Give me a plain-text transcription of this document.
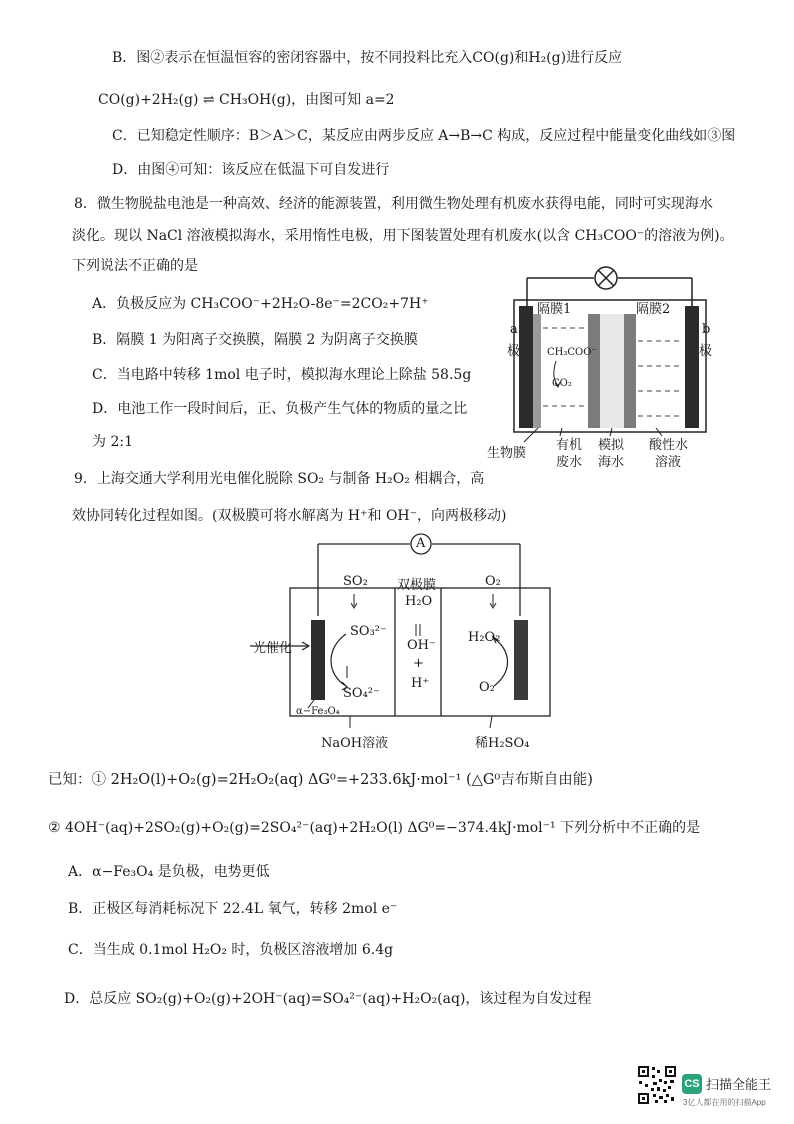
B．图②表示在恒温恒容的密闭容器中，按不同投料比充入CO(g)和H₂(g)进行反应
CO(g)+2H₂(g) ⇌ CH₃OH(g)，由图可知 a=2
C．已知稳定性顺序：B＞A＞C，某反应由两步反应 A→B→C 构成，反应过程中能量变化曲线如③图
D．由图④可知：该反应在低温下可自发进行
8．微生物脱盐电池是一种高效、经济的能源装置，利用微生物处理有机废水获得电能，同时可实现海水
淡化。现以 NaCl 溶液模拟海水，采用惰性电极，用下图装置处理有机废水(以含 CH₃COO⁻的溶液为例)。
下列说法不正确的是
A．负极反应为 CH₃COO⁻+2H₂O-8e⁻=2CO₂+7H⁺
B．隔膜 1 为阳离子交换膜，隔膜 2 为阴离子交换膜
C．当电路中转移 1mol 电子时，模拟海水理论上除盐 58.5g
D．电池工作一段时间后，正、负极产生气体的物质的量之比
为 2:1
隔膜1	隔膜2
a
极
b
极
CH₃COO⁻
CO₂
生物膜
有机
废水
模拟
海水
酸性水
溶液
9．上海交通大学利用光电催化脱除 SO₂ 与制备 H₂O₂ 相耦合，高
效协同转化过程如图。(双极膜可将水解离为 H⁺和 OH⁻，向两极移动)
A
SO₂ 双极膜	O₂
H₂O
光催化
SO₃²⁻
OH⁻
+
H⁺
H₂O₂
O₂
SO₄²⁻
α−Fe₃O₄
NaOH溶液	稀H₂SO₄
已知：① 2H₂O(l)+O₂(g)=2H₂O₂(aq) ΔG⁰=+233.6kJ·mol⁻¹ (△G⁰吉布斯自由能)
② 4OH⁻(aq)+2SO₂(g)+O₂(g)=2SO₄²⁻(aq)+2H₂O(l) ΔG⁰=−374.4kJ·mol⁻¹ 下列分析中不正确的是
A．α−Fe₃O₄ 是负极，电势更低
B．正极区每消耗标况下 22.4L 氧气，转移 2mol e⁻
C．当生成 0.1mol H₂O₂ 时，负极区溶液增加 6.4g
D．总反应 SO₂(g)+O₂(g)+2OH⁻(aq)=SO₄²⁻(aq)+H₂O₂(aq)，该过程为自发过程
CS 扫描全能王
3亿人都在用的扫描App
